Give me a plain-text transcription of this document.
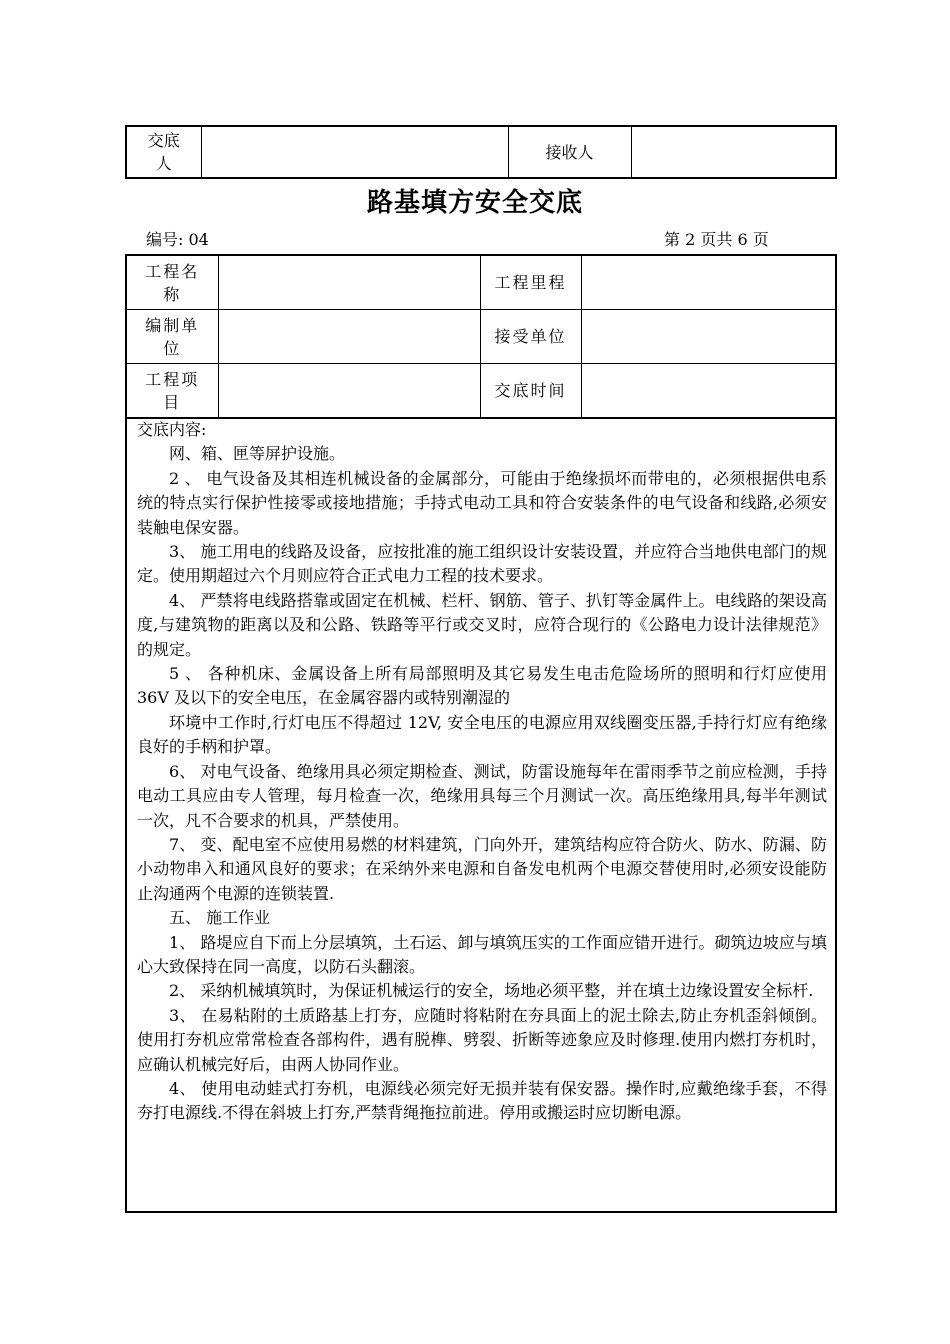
交底
人		接收人	
路基填方安全交底
编号: 04	第 2 页共 6 页
工程名
称		工程里程	
编制单
位		接受单位	
工程项
目		交底时间	

交底内容:

网、箱、匣等屏护设施。

2 、 电气设备及其相连机械设备的金属部分，可能由于绝缘损坏而带电的，必须根据供电系统的特点实行保护性接零或接地措施；手持式电动工具和符合安装条件的电气设备和线路,必须安装触电保安器。

3、 施工用电的线路及设备，应按批准的施工组织设计安装设置，并应符合当地供电部门的规定。使用期超过六个月则应符合正式电力工程的技术要求。

4、 严禁将电线路搭靠或固定在机械、栏杆、钢筋、管子、扒钉等金属件上。电线路的架设高度,与建筑物的距离以及和公路、铁路等平行或交叉时，应符合现行的《公路电力设计法律规范》的规定。

5 、 各种机床、金属设备上所有局部照明及其它易发生电击危险场所的照明和行灯应使用 36V 及以下的安全电压，在金属容器内或特别潮湿的

环境中工作时,行灯电压不得超过 12V, 安全电压的电源应用双线圈变压器,手持行灯应有绝缘良好的手柄和护罩。

6、 对电气设备、绝缘用具必须定期检查、测试，防雷设施每年在雷雨季节之前应检测，手持电动工具应由专人管理，每月检查一次，绝缘用具每三个月测试一次。高压绝缘用具,每半年测试一次，凡不合要求的机具，严禁使用。

7、 变、配电室不应使用易燃的材料建筑，门向外开，建筑结构应符合防火、防水、防漏、防小动物串入和通风良好的要求；在采纳外来电源和自备发电机两个电源交替使用时,必须安设能防止沟通两个电源的连锁装置.

五、 施工作业

1、 路堤应自下而上分层填筑，土石运、卸与填筑压实的工作面应错开进行。砌筑边坡应与填心大致保持在同一高度，以防石头翻滚。

2、 采纳机械填筑时，为保证机械运行的安全，场地必须平整，并在填土边缘设置安全标杆.

3、 在易粘附的土质路基上打夯，应随时将粘附在夯具面上的泥土除去,防止夯机歪斜倾倒。使用打夯机应常常检查各部构件，遇有脱榫、劈裂、折断等迹象应及时修理.使用内燃打夯机时，应确认机械完好后，由两人协同作业。

4、 使用电动蛙式打夯机，电源线必须完好无损并装有保安器。操作时,应戴绝缘手套，不得夯打电源线.不得在斜坡上打夯,严禁背绳拖拉前进。停用或搬运时应切断电源。
